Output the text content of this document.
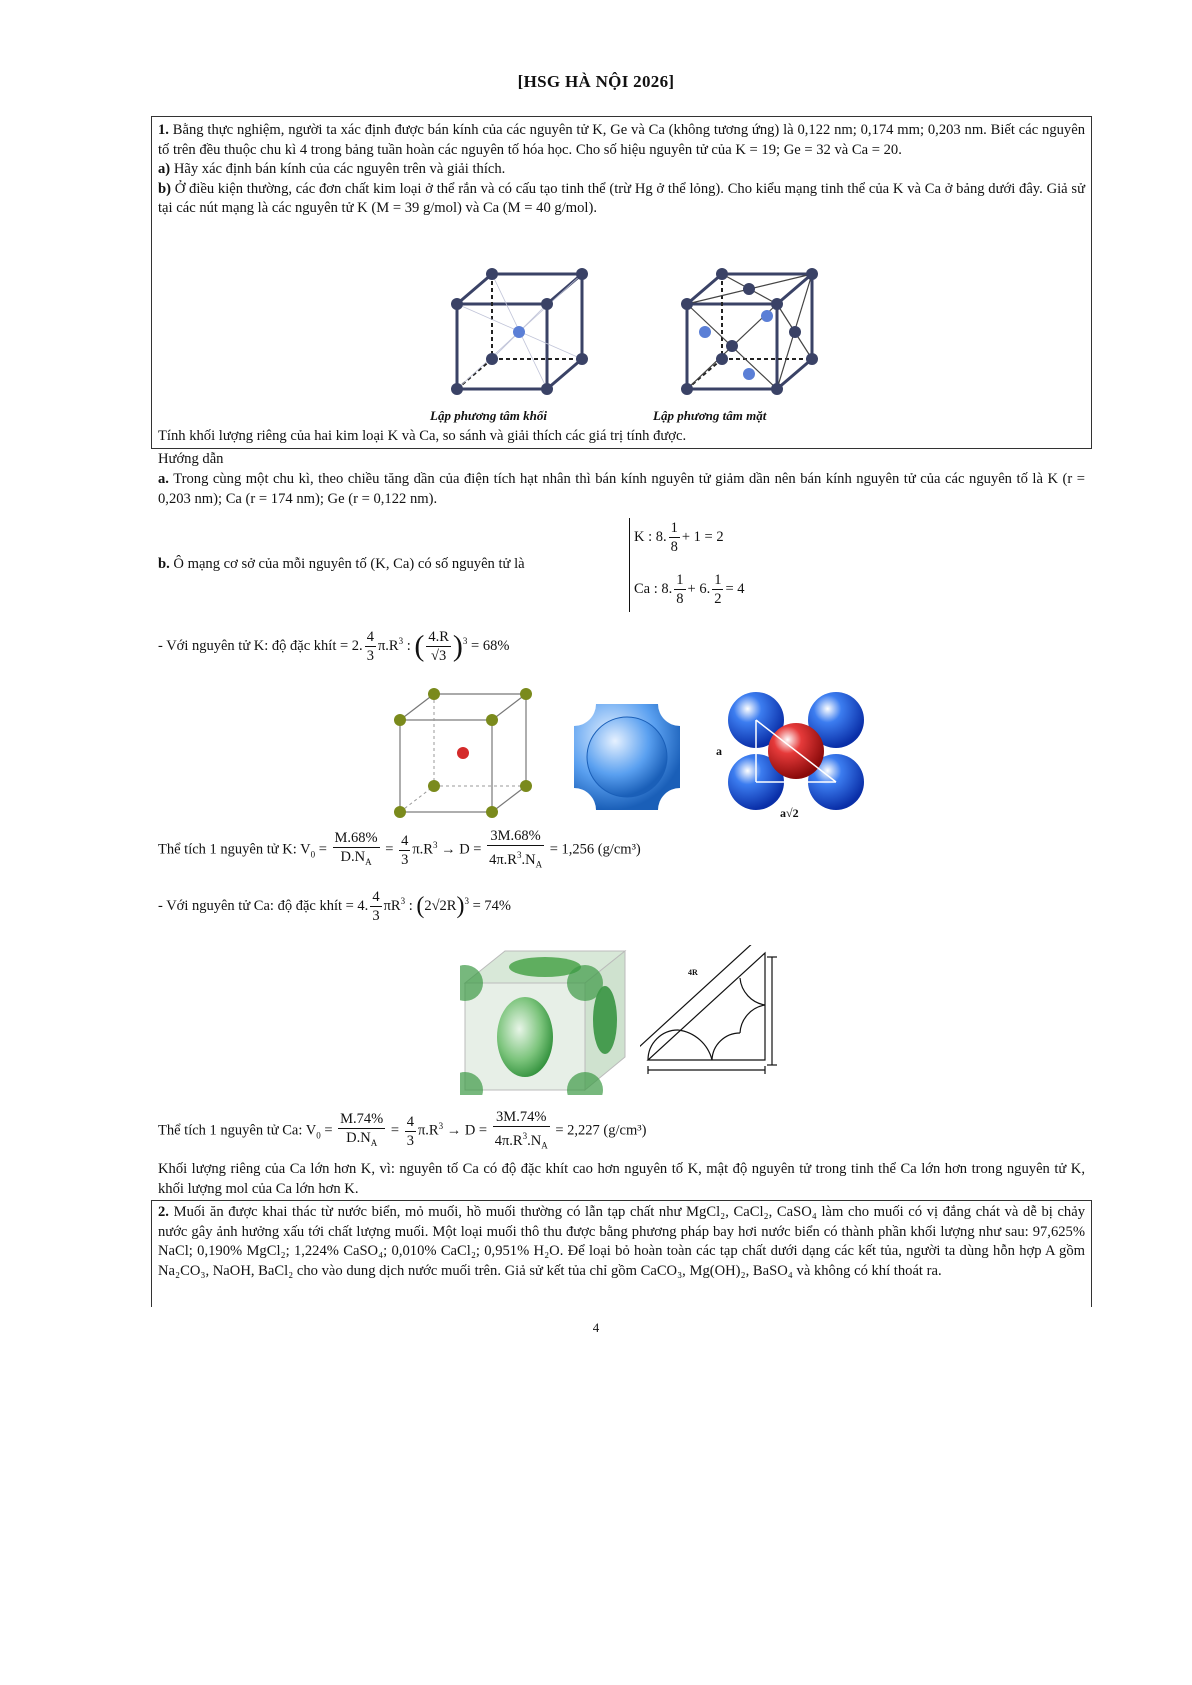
[HSG HÀ NỘI 2026]

1. Bằng thực nghiệm, người ta xác định được bán kính của các nguyên tử K, Ge và Ca (không tương ứng) là 0,122 nm; 0,174 mm; 0,203 nm. Biết các nguyên tố trên đều thuộc chu kì 4 trong bảng tuần hoàn các nguyên tố hóa học. Cho số hiệu nguyên tử của K = 19; Ge = 32 và Ca = 20.

a) Hãy xác định bán kính của các nguyên trên và giải thích.

b) Ở điều kiện thường, các đơn chất kim loại ở thể rắn và có cấu tạo tinh thể (trừ Hg ở thể lỏng). Cho kiểu mạng tinh thể của K và Ca ở bảng dưới đây. Giả sử tại các nút mạng là các nguyên tử K (M = 39 g/mol) và Ca (M = 40 g/mol).

Lập phương tâm khối	Lập phương tâm mặt
Tính khối lượng riêng của hai kim loại K và Ca, so sánh và giải thích các giá trị tính được.
Hướng dẫn

a. Trong cùng một chu kì, theo chiều tăng dần của điện tích hạt nhân thì bán kính nguyên tử giảm dần nên bán kính nguyên tử của các nguyên tố là K (r = 0,203 nm); Ca (r = 174 nm); Ge (r = 0,122 nm).

b. Ô mạng cơ sở của mỗi nguyên tố (K, Ca) có số nguyên tử là
K : 8. $\frac{1}{8} + 1 = 2$
Ca : 8. $\frac{1}{8} + 6$. $\frac{1}{2} = 4$
- Với nguyên tử K: độ đặc khít = 2. $\frac{4}{3} \pi.R^3$ : ( $\frac{4.R}{√3} )^3 = 68\%$
a
a√2
Thể tích 1 nguyên tử K: $V_0 = \frac{M.68\%}{D.N_A} = \frac{4}{3} \pi.R^3 \to D = \frac{3M.68\%}{4\pi.R^3.N_A} = 1,256$ (g/cm³)
- Với nguyên tử Ca: độ đặc khít = 4. $\frac{4}{3} \pi R^3$ : $(2√2R)^3 = 74\%$
4R
Thể tích 1 nguyên tử Ca: $V_0 = \frac{M.74\%}{D.N_A} = \frac{4}{3} \pi.R^3 \to D = \frac{3M.74\%}{4\pi.R^3.N_A} = 2,227$ (g/cm³)

Khối lượng riêng của Ca lớn hơn K, vì: nguyên tố Ca có độ đặc khít cao hơn nguyên tố K, mật độ nguyên tử trong tinh thể Ca lớn hơn trong nguyên tử K, khối lượng mol của Ca lớn hơn K.

2. Muối ăn được khai thác từ nước biển, mỏ muối, hồ muối thường có lẫn tạp chất như MgCl₂, CaCl₂, CaSO₄ làm cho muối có vị đắng chát và dễ bị chảy nước gây ảnh hưởng xấu tới chất lượng muối. Một loại muối thô thu được bằng phương pháp bay hơi nước biển có thành phần khối lượng như sau: 97,625% NaCl; 0,190% MgCl₂; 1,224% CaSO₄; 0,010% CaCl₂; 0,951% H₂O. Để loại bỏ hoàn toàn các tạp chất dưới dạng các kết tủa, người ta dùng hỗn hợp A gồm Na₂CO₃, NaOH, BaCl₂ cho vào dung dịch nước muối trên. Giả sử kết tủa chỉ gồm CaCO₃, Mg(OH)₂, BaSO₄ và không có khí thoát ra.

4
